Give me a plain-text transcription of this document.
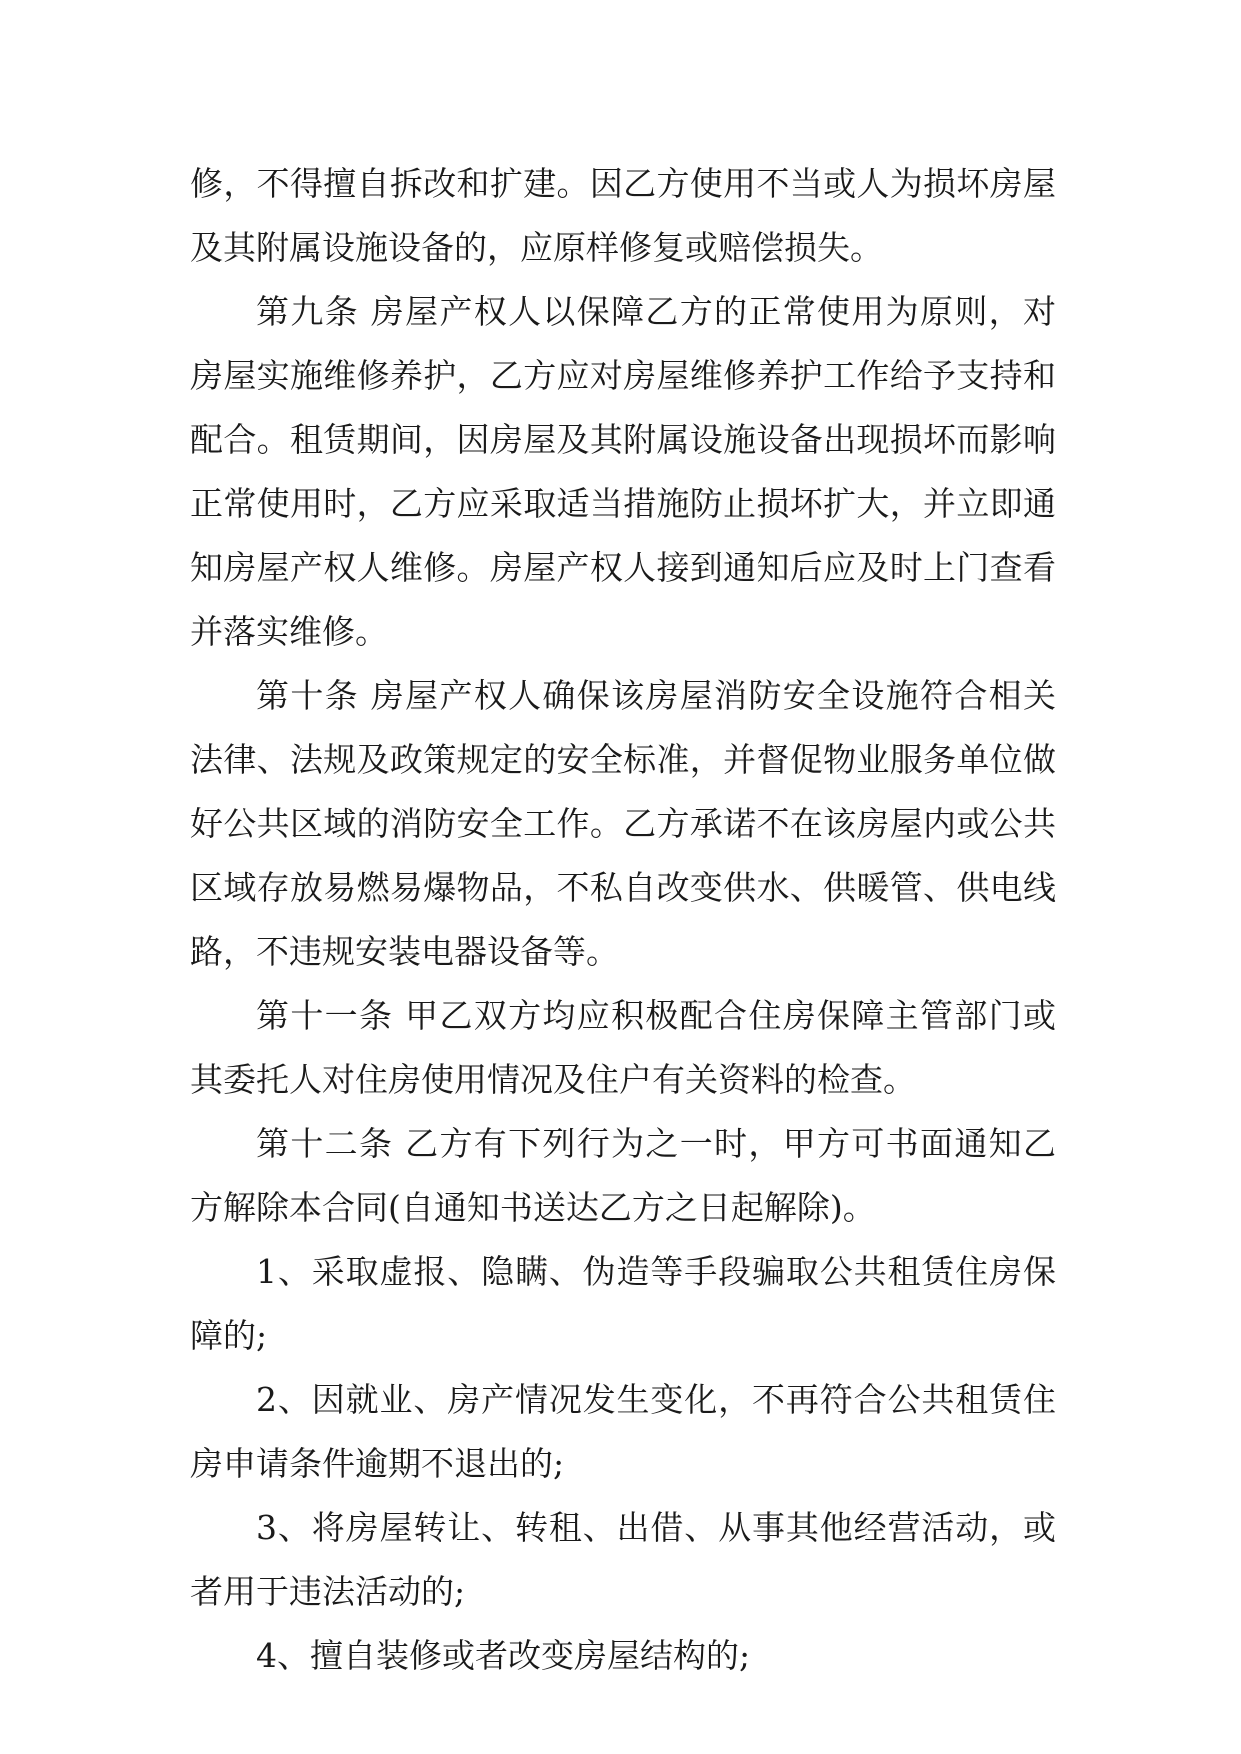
修，不得擅自拆改和扩建。因乙方使用不当或人为损坏房屋
及其附属设施设备的，应原样修复或赔偿损失。
第九条 房屋产权人以保障乙方的正常使用为原则，对
房屋实施维修养护，乙方应对房屋维修养护工作给予支持和
配合。租赁期间，因房屋及其附属设施设备出现损坏而影响
正常使用时，乙方应采取适当措施防止损坏扩大，并立即通
知房屋产权人维修。房屋产权人接到通知后应及时上门查看
并落实维修。
第十条 房屋产权人确保该房屋消防安全设施符合相关
法律、法规及政策规定的安全标准，并督促物业服务单位做
好公共区域的消防安全工作。乙方承诺不在该房屋内或公共
区域存放易燃易爆物品，不私自改变供水、供暖管、供电线
路，不违规安装电器设备等。
第十一条 甲乙双方均应积极配合住房保障主管部门或
其委托人对住房使用情况及住户有关资料的检查。
第十二条 乙方有下列行为之一时，甲方可书面通知乙
方解除本合同(自通知书送达乙方之日起解除)。
1、采取虚报、隐瞒、伪造等手段骗取公共租赁住房保
障的;
2、因就业、房产情况发生变化，不再符合公共租赁住
房申请条件逾期不退出的;
3、将房屋转让、转租、出借、从事其他经营活动，或
者用于违法活动的;
4、擅自装修或者改变房屋结构的;
